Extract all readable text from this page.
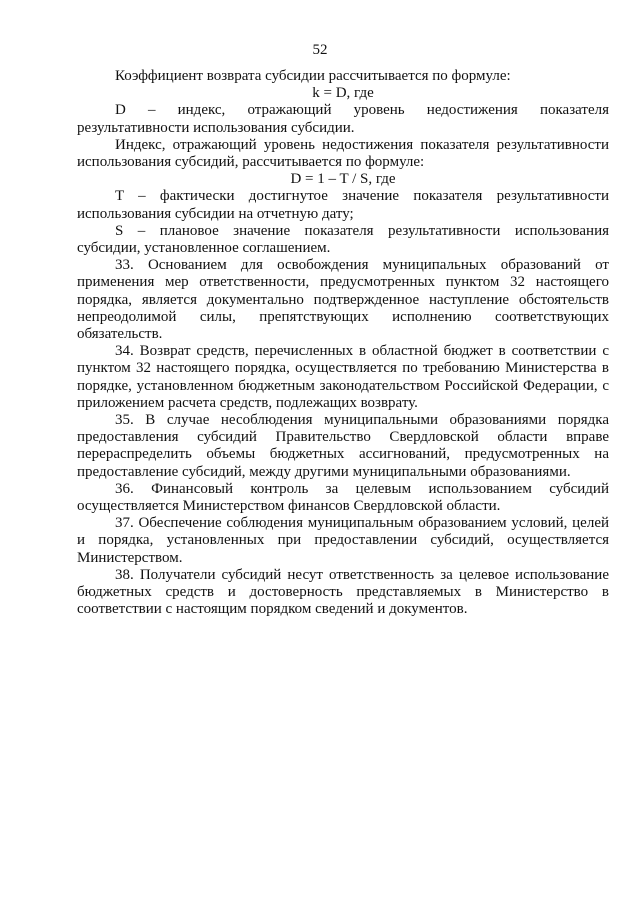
52

Коэффициент возврата субсидии рассчитывается по формуле:

k = D, где

D – индекс, отражающий уровень недостижения показателя результативности использования субсидии.

Индекс, отражающий уровень недостижения показателя результативности использования субсидий, рассчитывается по формуле:

D = 1 – T / S, где

T – фактически достигнутое значение показателя результативности использования субсидии на отчетную дату;

S – плановое значение показателя результативности использования субсидии, установленное соглашением.

33. Основанием для освобождения муниципальных образований от применения мер ответственности, предусмотренных пунктом 32 настоящего порядка, является документально подтвержденное наступление обстоятельств непреодолимой силы, препятствующих исполнению соответствующих обязательств.

34. Возврат средств, перечисленных в областной бюджет в соответствии с пунктом 32 настоящего порядка, осуществляется по требованию Министерства в порядке, установленном бюджетным законодательством Российской Федерации, с приложением расчета средств, подлежащих возврату.

35. В случае несоблюдения муниципальными образованиями порядка предоставления субсидий Правительство Свердловской области вправе перераспределить объемы бюджетных ассигнований, предусмотренных на предоставление субсидий, между другими муниципальными образованиями.

36. Финансовый контроль за целевым использованием субсидий осуществляется Министерством финансов Свердловской области.

37. Обеспечение соблюдения муниципальным образованием условий, целей и порядка, установленных при предоставлении субсидий, осуществляется Министерством.

38. Получатели субсидий несут ответственность за целевое использование бюджетных средств и достоверность представляемых в Министерство в соответствии с настоящим порядком сведений и документов.
